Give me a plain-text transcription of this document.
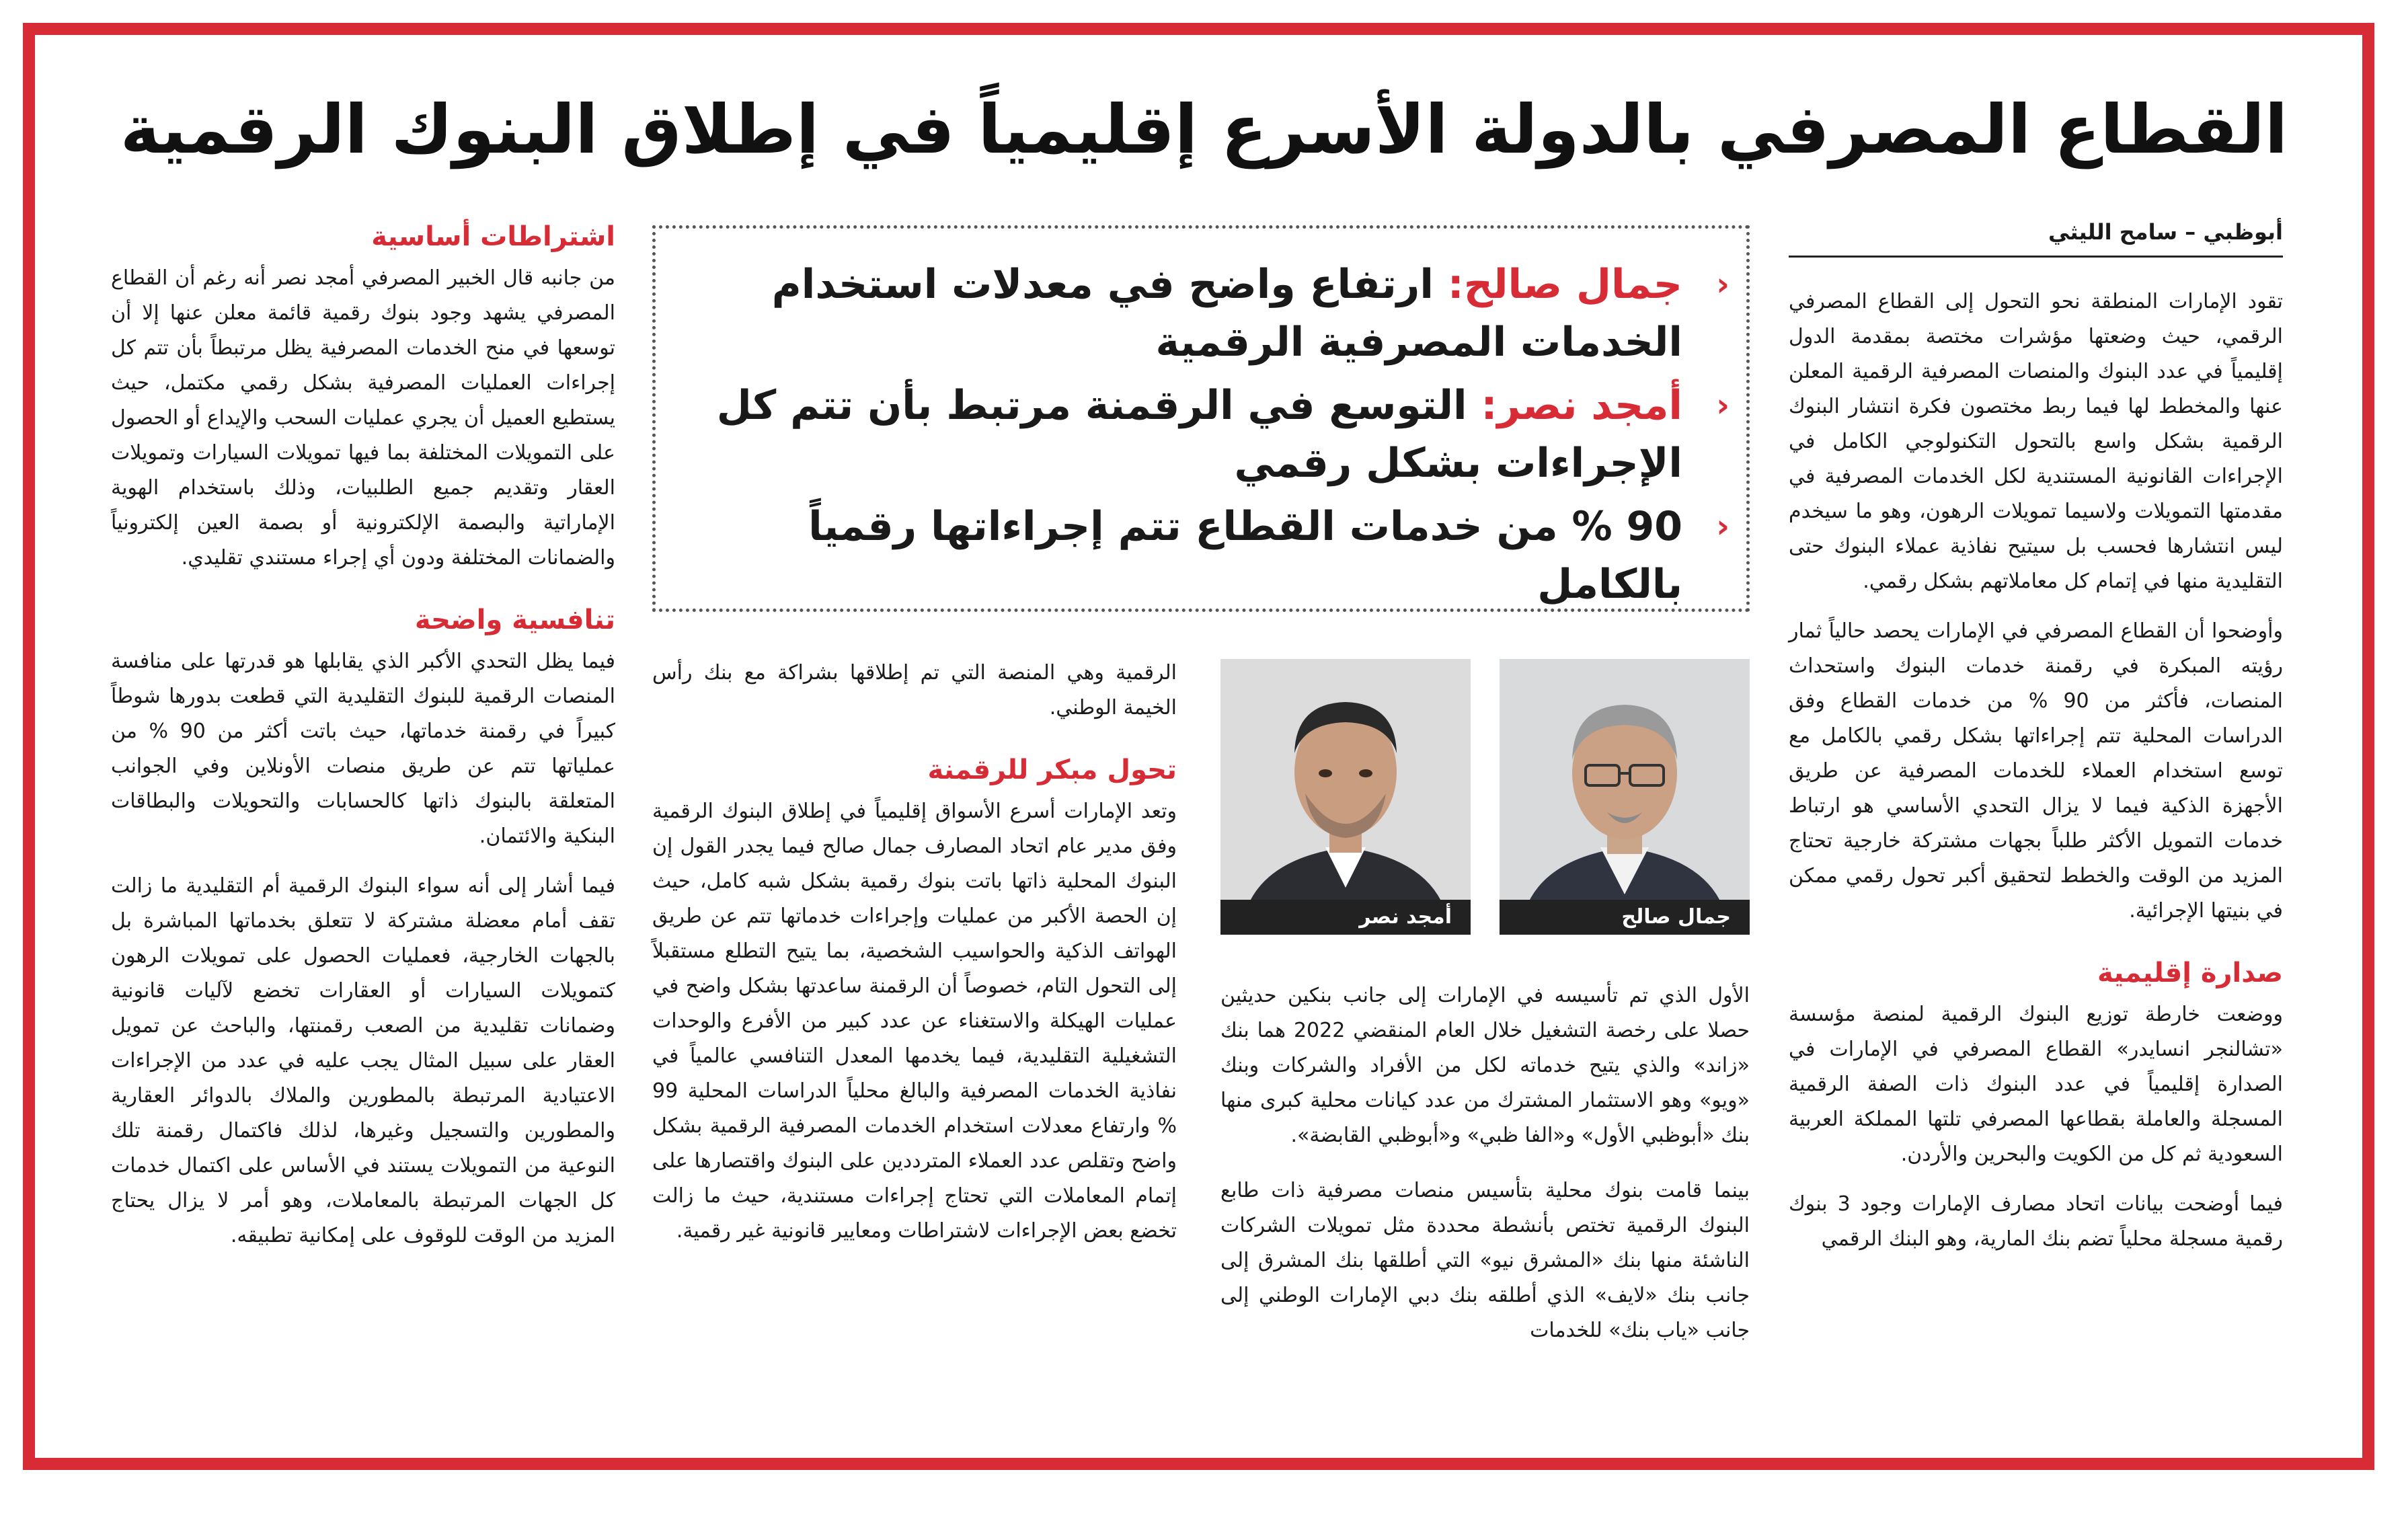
القطاع المصرفي بالدولة الأسرع إقليمياً في إطلاق البنوك الرقمية
أبوظبي – سامح الليثي

تقود الإمارات المنطقة نحو التحول إلى القطاع المصرفي الرقمي، حيث وضعتها مؤشرات مختصة بمقدمة الدول إقليمياً في عدد البنوك والمنصات المصرفية الرقمية المعلن عنها والمخطط لها فيما ربط مختصون فكرة انتشار البنوك الرقمية بشكل واسع بالتحول التكنولوجي الكامل في الإجراءات القانونية المستندية لكل الخدمات المصرفية في مقدمتها التمويلات ولاسيما تمويلات الرهون، وهو ما سيخدم ليس انتشارها فحسب بل سيتيح نفاذية عملاء البنوك حتى التقليدية منها في إتمام كل معاملاتهم بشكل رقمي.

وأوضحوا أن القطاع المصرفي في الإمارات يحصد حالياً ثمار رؤيته المبكرة في رقمنة خدمات البنوك واستحداث المنصات، فأكثر من 90 % من خدمات القطاع وفق الدراسات المحلية تتم إجراءاتها بشكل رقمي بالكامل مع توسع استخدام العملاء للخدمات المصرفية عن طريق الأجهزة الذكية فيما لا يزال التحدي الأساسي هو ارتباط خدمات التمويل الأكثر طلباً بجهات مشتركة خارجية تحتاج المزيد من الوقت والخطط لتحقيق أكبر تحول رقمي ممكن في بنيتها الإجرائية.

صدارة إقليمية

ووضعت خارطة توزيع البنوك الرقمية لمنصة مؤسسة «تشالنجر انسايدر» القطاع المصرفي في الإمارات في الصدارة إقليمياً في عدد البنوك ذات الصفة الرقمية المسجلة والعاملة بقطاعها المصرفي تلتها المملكة العربية السعودية ثم كل من الكويت والبحرين والأردن.

فيما أوضحت بيانات اتحاد مصارف الإمارات وجود 3 بنوك رقمية مسجلة محلياً تضم بنك المارية، وهو البنك الرقمي

اشتراطات أساسية

من جانبه قال الخبير المصرفي أمجد نصر أنه رغم أن القطاع المصرفي يشهد وجود بنوك رقمية قائمة معلن عنها إلا أن توسعها في منح الخدمات المصرفية يظل مرتبطاً بأن تتم كل إجراءات العمليات المصرفية بشكل رقمي مكتمل، حيث يستطيع العميل أن يجري عمليات السحب والإيداع أو الحصول على التمويلات المختلفة بما فيها تمويلات السيارات وتمويلات العقار وتقديم جميع الطلبيات، وذلك باستخدام الهوية الإماراتية والبصمة الإلكترونية أو بصمة العين إلكترونياً والضمانات المختلفة ودون أي إجراء مستندي تقليدي.

تنافسية واضحة

فيما يظل التحدي الأكبر الذي يقابلها هو قدرتها على منافسة المنصات الرقمية للبنوك التقليدية التي قطعت بدورها شوطاً كبيراً في رقمنة خدماتها، حيث باتت أكثر من 90 % من عملياتها تتم عن طريق منصات الأونلاين وفي الجوانب المتعلقة بالبنوك ذاتها كالحسابات والتحويلات والبطاقات البنكية والائتمان.

فيما أشار إلى أنه سواء البنوك الرقمية أم التقليدية ما زالت تقف أمام معضلة مشتركة لا تتعلق بخدماتها المباشرة بل بالجهات الخارجية، فعمليات الحصول على تمويلات الرهون كتمويلات السيارات أو العقارات تخضع لآليات قانونية وضمانات تقليدية من الصعب رقمنتها، والباحث عن تمويل العقار على سبيل المثال يجب عليه في عدد من الإجراءات الاعتيادية المرتبطة بالمطورين والملاك بالدوائر العقارية والمطورين والتسجيل وغيرها، لذلك فاكتمال رقمنة تلك النوعية من التمويلات يستند في الأساس على اكتمال خدمات كل الجهات المرتبطة بالمعاملات، وهو أمر لا يزال يحتاج المزيد من الوقت للوقوف على إمكانية تطبيقه.

‹
جمال صالح: ارتفاع واضح في معدلات استخدام الخدمات المصرفية الرقمية
‹
أمجد نصر: التوسع في الرقمنة مرتبط بأن تتم كل الإجراءات بشكل رقمي
‹
90 % من خدمات القطاع تتم إجراءاتها رقمياً بالكامل
جمال صالح
أمجد نصر

الرقمية وهي المنصة التي تم إطلاقها بشراكة مع بنك رأس الخيمة الوطني.

تحول مبكر للرقمنة

وتعد الإمارات أسرع الأسواق إقليمياً في إطلاق البنوك الرقمية وفق مدير عام اتحاد المصارف جمال صالح فيما يجدر القول إن البنوك المحلية ذاتها باتت بنوك رقمية بشكل شبه كامل، حيث إن الحصة الأكبر من عمليات وإجراءات خدماتها تتم عن طريق الهواتف الذكية والحواسيب الشخصية، بما يتيح التطلع مستقبلاً إلى التحول التام، خصوصاً أن الرقمنة ساعدتها بشكل واضح في عمليات الهيكلة والاستغناء عن عدد كبير من الأفرع والوحدات التشغيلية التقليدية، فيما يخدمها المعدل التنافسي عالمياً في نفاذية الخدمات المصرفية والبالغ محلياً الدراسات المحلية 99 % وارتفاع معدلات استخدام الخدمات المصرفية الرقمية بشكل واضح وتقلص عدد العملاء المترددين على البنوك واقتصارها على إتمام المعاملات التي تحتاج إجراءات مستندية، حيث ما زالت تخضع بعض الإجراءات لاشتراطات ومعايير قانونية غير رقمية.

الأول الذي تم تأسيسه في الإمارات إلى جانب بنكين حديثين حصلا على رخصة التشغيل خلال العام المنقضي 2022 هما بنك «زاند» والذي يتيح خدماته لكل من الأفراد والشركات وبنك «ويو» وهو الاستثمار المشترك من عدد كيانات محلية كبرى منها بنك «أبوظبي الأول» و«الفا ظبي» و«أبوظبي القابضة».

بينما قامت بنوك محلية بتأسيس منصات مصرفية ذات طابع البنوك الرقمية تختص بأنشطة محددة مثل تمويلات الشركات الناشئة منها بنك «المشرق نيو» التي أطلقها بنك المشرق إلى جانب بنك «لايف» الذي أطلقه بنك دبي الإمارات الوطني إلى جانب «ياب بنك» للخدمات
